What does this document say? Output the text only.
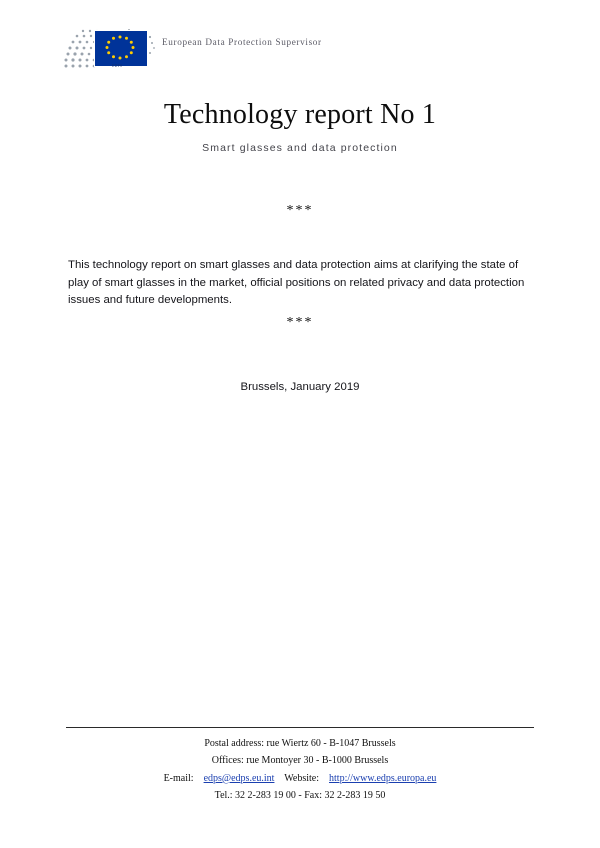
EDPS
European Data Protection Supervisor
Technology report No 1
Smart glasses and data protection
***

This technology report on smart glasses and data protection aims at clarifying the state of play of smart glasses in the market, official positions on related privacy and data protection issues and future developments.

***
Brussels, January 2019
Postal address: rue Wiertz 60 - B-1047 Brussels
Offices: rue Montoyer 30 - B-1000 Brussels
E-mail: edps@edps.eu.int Website: http://www.edps.europa.eu
Tel.: 32 2-283 19 00 - Fax: 32 2-283 19 50
